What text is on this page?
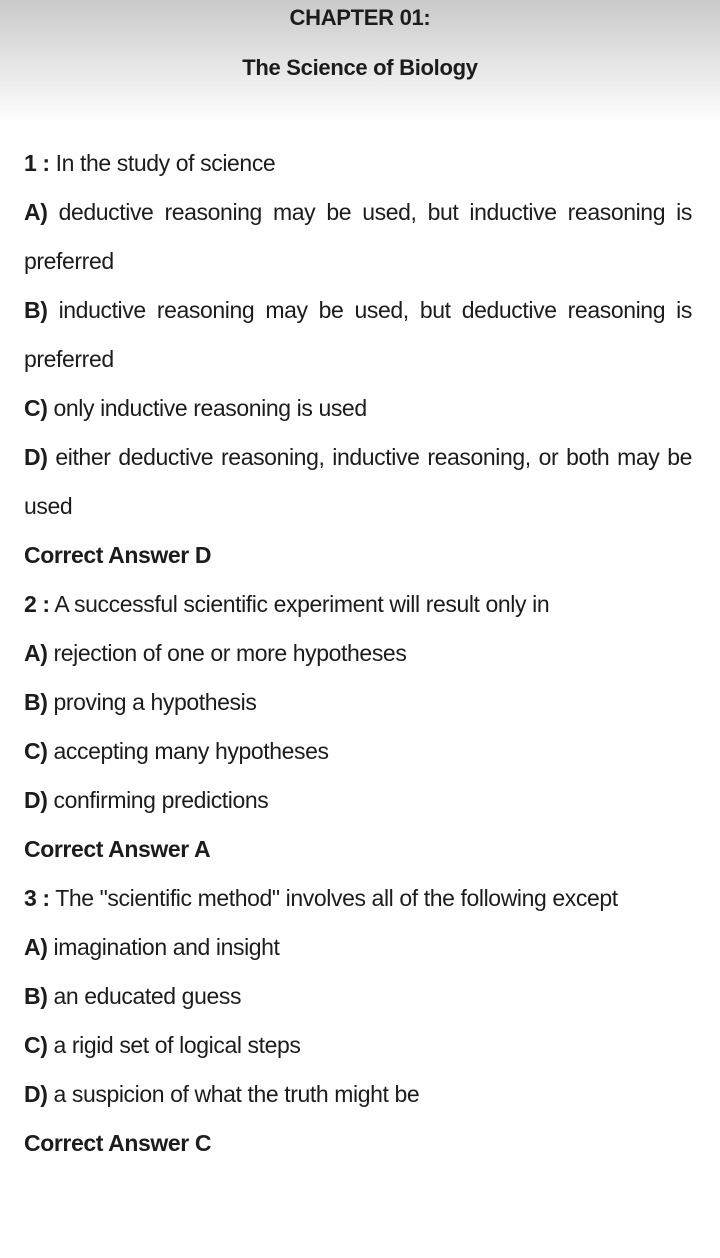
CHAPTER 01:
The Science of Biology

1 : In the study of science

A) deductive reasoning may be used, but inductive reasoning is preferred

B) inductive reasoning may be used, but deductive reasoning is preferred

C) only inductive reasoning is used

D) either deductive reasoning, inductive reasoning, or both may be used

Correct Answer D

2 : A successful scientific experiment will result only in

A) rejection of one or more hypotheses

B) proving a hypothesis

C) accepting many hypotheses

D) confirming predictions

Correct Answer A

3 : The "scientific method" involves all of the following except

A) imagination and insight

B) an educated guess

C) a rigid set of logical steps

D) a suspicion of what the truth might be

Correct Answer C
